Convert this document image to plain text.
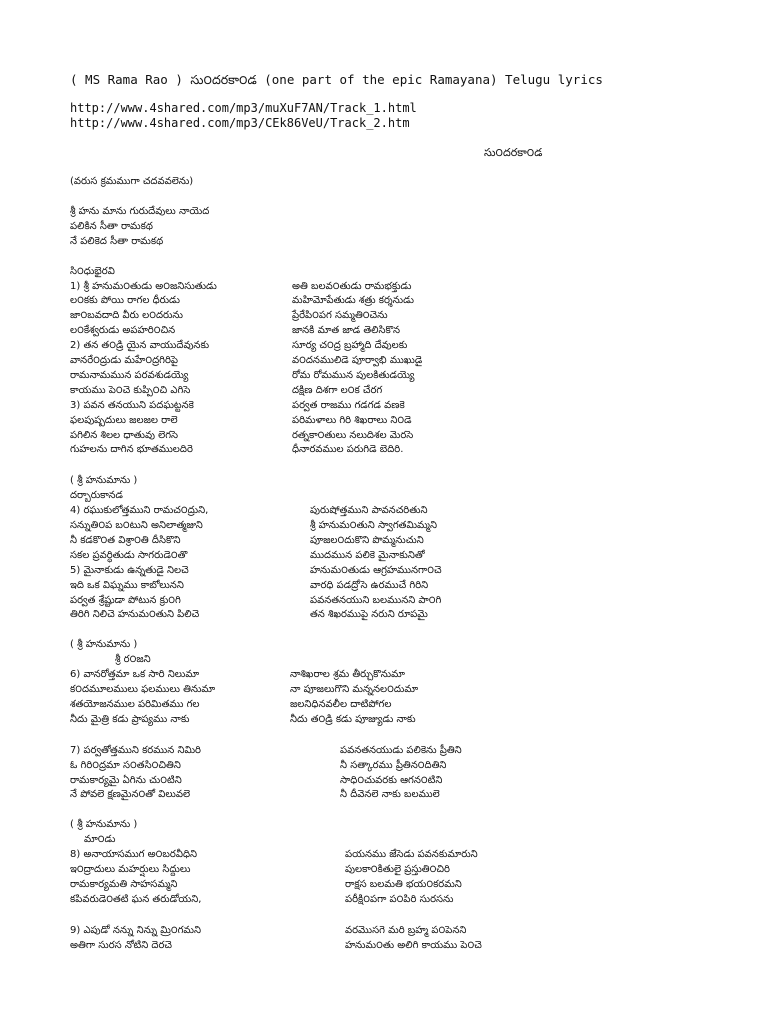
( MS Rama Rao ) సు౦దరకా౦డ (one part of the epic Ramayana) Telugu lyrics
http://www.4shared.com/mp3/muXuF7AN/Track_1.html
http://www.4shared.com/mp3/CEk86VeU/Track_2.htm
సు౦దరకా౦డ
(వరుస క్రమముగా చదవవలెను)
శ్రీ హను మాను గురుదేవులు నాయెద
పలికిన సీతా రామకథ
నే పలికెద సీతా రామకథ
సి౦ధుభైరవి
1) శ్రీ హనుమ౦తుడు అ౦జనిసుతుడు	అతి బలవ౦తుడు రామభక్తుడు
ల౦కకు పోయి రాగల ధీరుడు	మహిమోపేతుడు శత్రు కర్శనుడు
జా౦బవదాది వీరు ల౦దరును	ప్రేరేపి౦పగ సమ్మతి౦చెను
ల౦కేశ్వరుడు అపహరి౦చిన	జానకి మాత జాడ తెలిసికొన
2) తన త౦డ్రి యైన వాయుదేవునకు	సూర్య చ౦ద్ర బ్రహ్మాది దేవులకు
వానరే౦ద్రుడు మహే౦ద్రగిరిపై	వ౦దనములిడె పూర్వాభి ముఖుడై
రామనామమున పరవశుడయ్యె	రోమ రోమమున పులకితుడయ్యె
కాయము పె౦చె కుప్పి౦చి ఎగిసె	దక్షిణ దిశగా ల౦క చేరగ
3) పవన తనయుని పదఘట్టనకె	పర్వత రాజము గడగడ వణకె
ఫలపుష్పదులు జలజల రాలె	పరిమళాలు గిరి శిఖరాలు ని౦డె
పగిలిన శిలల ధాతువు లెగసె	రత్నకా౦తులు నలుదిశల మెరసె
గుహలను దాగిన భూతములదిరె	ధీనారవముల పరుగిడె బెదిరి.
( శ్రీ హనుమాను )
దర్బారుకానడ
4) రఘుకులోత్తముని రామచ౦ద్రుని,	పురుషోత్తముని పావనచరితుని
సన్నుతి౦ప బ౦టుని అనిలాత్మజుని	శ్రీ హనుమ౦తుని స్వాగతమిమ్మని
నీ కడకొ౦త విశ్రా౦తి దీసికొని	పూజల౦దుకొని పొమ్మనుచుని
సకల ప్రవర్ధితుడు సాగరుడె౦తొ	ముదమున పలికె మైనాకునితో
5) మైనాకుడు ఉన్నతుడై నిలచె	హనుమ౦తుడు ఆగ్రహమునగా౦చె
ఇది ఒక విఘ్నము కాబోలునని	వారధి పడద్రోసె ఉరముచే గిరిని
పర్వత శ్రేష్టుడా పోటున క్రు౦గి	పవనతనయుని బలమునని పా౦గి
తిరిగి నిలిచె హనుమ౦తుని పిలిచె	తన శిఖరముపై నరుని రూపమై
( శ్రీ హనుమాను )
శ్రీ ర౦జని
6) వానరోత్తమా ఒక సారి నిలుమా	నాశిఖరాల శ్రమ తీర్చుకొనుమా
క౦దమూలములు ఫలములు తినుమా	నా పూజలుగొని మన్ననల౦దుమా
శతయోజనముల పరిమితము గల	జలనిధినవలీల దాటిపోగల
నీదు మైత్రి కడు ప్రాప్యము నాకు	నీదు త౦డ్రి కడు పూజ్యుడు నాకు
7) పర్వతోత్తముని కరమున నిమిరి	పవనతనయుడు పలికెను ప్రీతిని
ఓ గిరి౦ద్రమా స౦తసి౦చితిని	నీ సత్కారము ప్రీతిన౦దితిని
రామకార్యమై ఏగిను చు౦టిని	సాధి౦చువరకు ఆగన౦టిని
నే పోవలె క్షణమైన౦తో విలువలె	నీ దీవెనలె నాకు బలములె
( శ్రీ హనుమాను )
మా౦డు
8) అనాయాసముగ అ౦బరవీధిని	పయనము జేసెడు పవనకుమారుని
ఇ౦ద్రాదులు మహర్షులు సిద్దులు	పులకా౦కితులై ప్రస్తుతి౦చిరి
రామకార్యమతి సాహసమ్మని	రాక్షస బలమతి భయ౦కరమని
కపివరుడె౦తటి ఘన తరుడోయని,	పరీక్షి౦పగా ప౦పిరి సురసను
9) ఎపుడో నన్ను నిన్ను మ్రి౦గమని	వరమొసగె మరి బ్రహ్మ ప౦పెనని
అతిగా సురస నోటిని దెరచె	హనుమ౦తు అలిగి కాయము పె౦చె
